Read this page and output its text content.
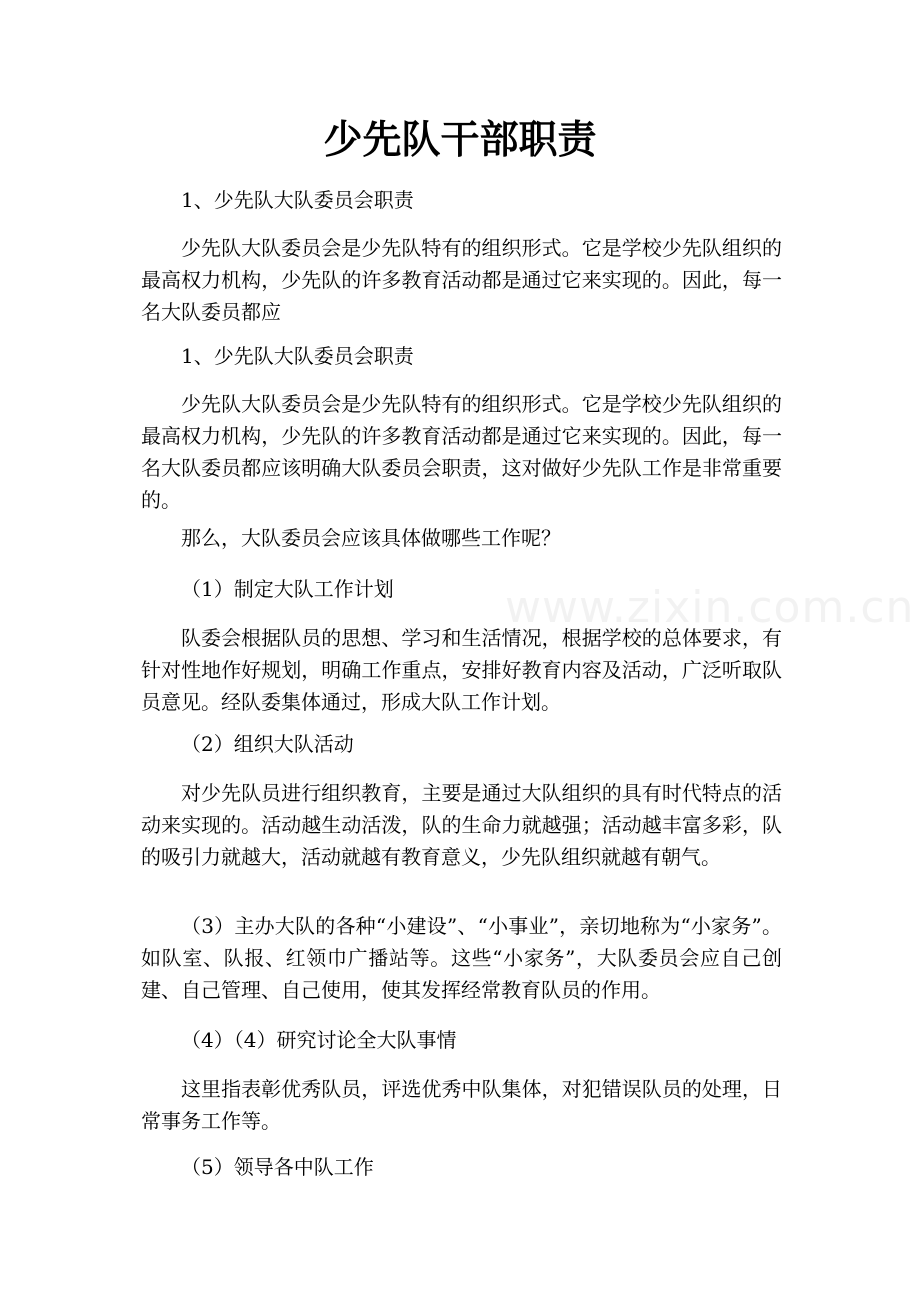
www.zixin.com.cn
少先队干部职责
1、少先队大队委员会职责
少先队大队委员会是少先队特有的组织形式。它是学校少先队组织的最高权力机构，少先队的许多教育活动都是通过它来实现的。因此，每一名大队委员都应
1、少先队大队委员会职责
少先队大队委员会是少先队特有的组织形式。它是学校少先队组织的最高权力机构，少先队的许多教育活动都是通过它来实现的。因此，每一名大队委员都应该明确大队委员会职责，这对做好少先队工作是非常重要的。
那么，大队委员会应该具体做哪些工作呢？
（1）制定大队工作计划
队委会根据队员的思想、学习和生活情况，根据学校的总体要求，有针对性地作好规划，明确工作重点，安排好教育内容及活动，广泛听取队员意见。经队委集体通过，形成大队工作计划。
（2）组织大队活动
对少先队员进行组织教育，主要是通过大队组织的具有时代特点的活动来实现的。活动越生动活泼，队的生命力就越强；活动越丰富多彩，队的吸引力就越大，活动就越有教育意义，少先队组织就越有朝气。
（3）主办大队的各种“小建设”、“小事业”，亲切地称为“小家务”。如队室、队报、红领巾广播站等。这些“小家务”，大队委员会应自己创建、自己管理、自己使用，使其发挥经常教育队员的作用。
（4）（4）研究讨论全大队事情
这里指表彰优秀队员，评选优秀中队集体，对犯错误队员的处理，日常事务工作等。
（5）领导各中队工作
